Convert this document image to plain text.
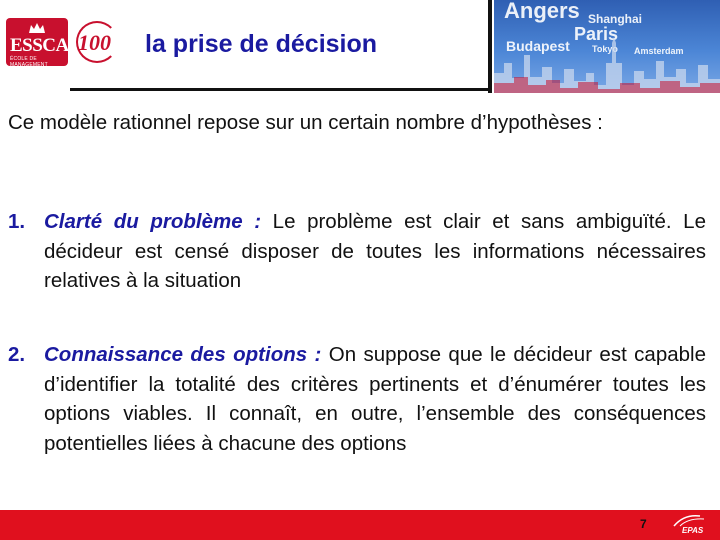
ESSCA
ÉCOLE DE MANAGEMENT
100 la prise de décision
Angers Shanghai
Paris
Budapest Tokyo Amsterdam
Ce modèle rationnel repose sur un certain nombre d’hypothèses :
1. Clarté du problème : Le problème est clair et sans ambiguïté. Le décideur est censé disposer de toutes les informations nécessaires relatives à la situation
2. Connaissance des options : On suppose que le décideur est capable d’identifier la totalité des critères pertinents et d’énumérer toutes les options viables. Il connaît, en outre, l’ensemble des conséquences potentielles liées à chacune des options
7	EPAS
